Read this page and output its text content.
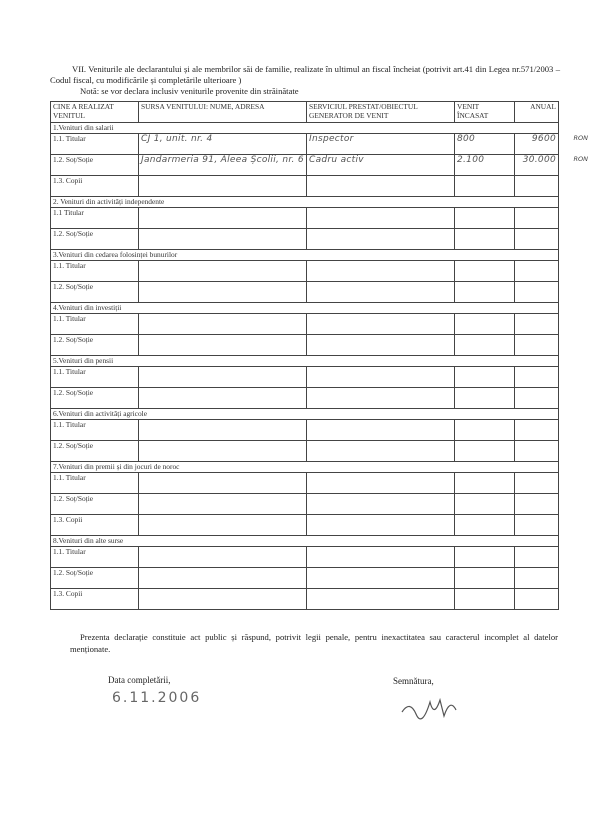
VII. Veniturile ale declarantului și ale membrilor săi de familie, realizate în ultimul an fiscal încheiat (potrivit art.41 din Legea nr.571/2003 – Codul fiscal, cu modificările și completările ulterioare )

Notă: se vor declara inclusiv veniturile provenite din străinătate

CINE A REALIZAT VENITUL	SURSA VENITULUI: NUME, ADRESA	SERVICIUL PRESTAT/OBIECTUL GENERATOR DE VENIT	VENIT ÎNCASAT	ANUAL
1.Venituri din salarii				
1.1. Titular	CJ 1, unit. nr. 4	Inspector	800	9600 RON

1.2. Soț/Soție	Jandarmeria 91, Aleea Școlii, nr. 6	Cadru activ	2.100	30.000 RON

1.3. Copii				
2. Venituri din activități independente				
1.1 Titular				
1.2. Soț/Soție				
3.Venituri din cedarea folosinței bunurilor				
1.1. Titular				
1.2. Soț/Soție				
4.Venituri din investiții				
1.1. Titular				
1.2. Soț/Soție				
5.Venituri din pensii				
1.1. Titular				
1.2. Soț/Soție				
6.Venituri din activități agricole				
1.1. Titular				
1.2. Soț/Soție				
7.Venituri din premii și din jocuri de noroc				
1.1. Titular				
1.2. Soț/Soție				
1.3. Copii				
8.Venituri din alte surse				
1.1. Titular				
1.2. Soț/Soție				
1.3. Copii				

Prezenta declarație constituie act public și răspund, potrivit legii penale, pentru inexactitatea sau caracterul incomplet al datelor menționate.

Data completării,
6.11.2006
Semnătura,
